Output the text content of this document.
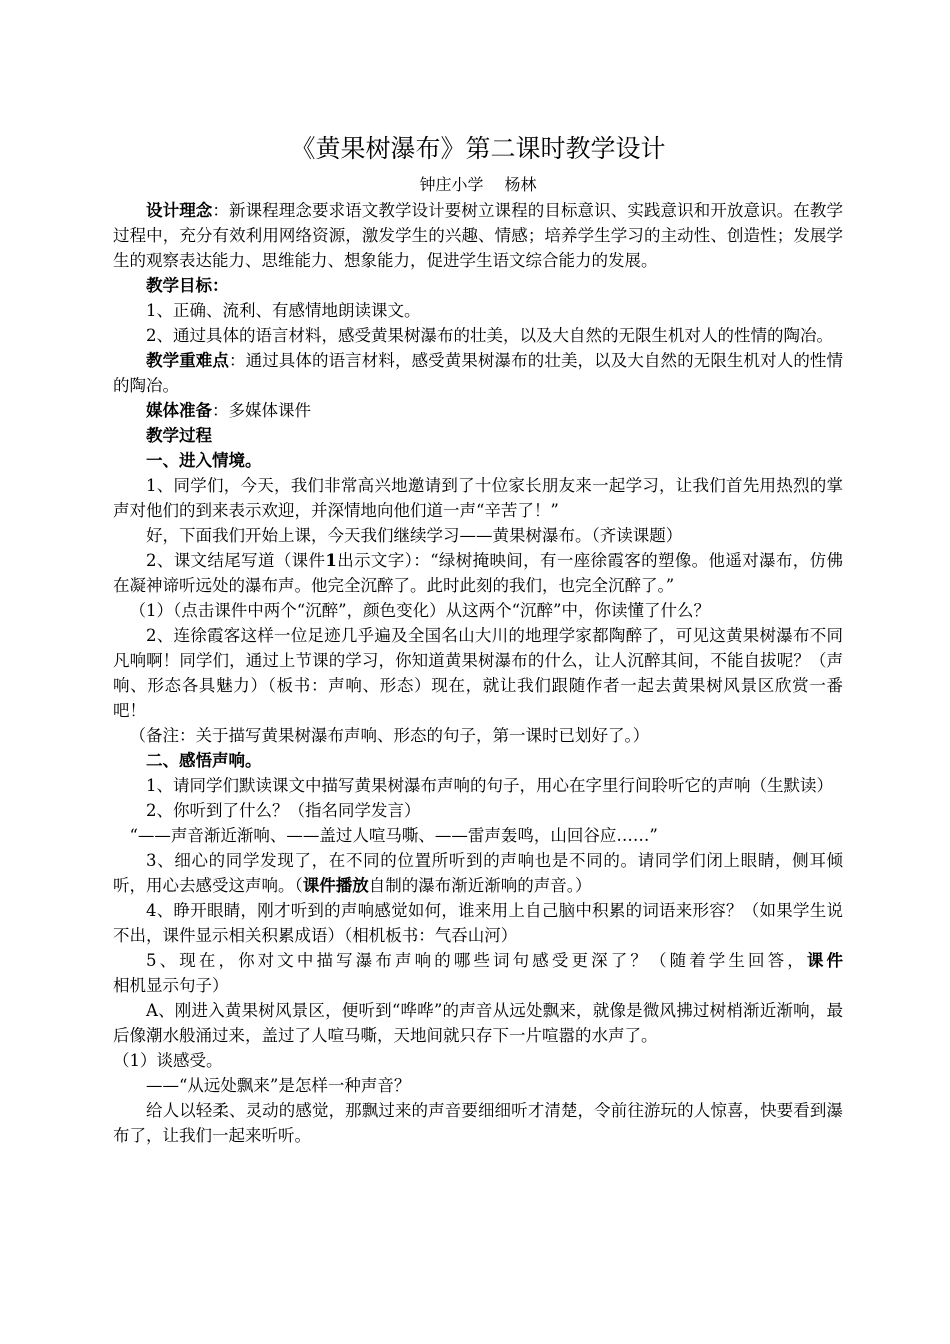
《黄果树瀑布》第二课时教学设计

钟庄小学　 杨林

设计理念：新课程理念要求语文教学设计要树立课程的目标意识、实践意识和开放意识。在教学过程中，充分有效利用网络资源，激发学生的兴趣、情感；培养学生学习的主动性、创造性；发展学生的观察表达能力、思维能力、想象能力，促进学生语文综合能力的发展。

教学目标：

1、正确、流利、有感情地朗读课文。

2、通过具体的语言材料，感受黄果树瀑布的壮美，以及大自然的无限生机对人的性情的陶冶。

教学重难点：通过具体的语言材料，感受黄果树瀑布的壮美，以及大自然的无限生机对人的性情的陶冶。

媒体准备：多媒体课件

教学过程

一、进入情境。

1、同学们，今天，我们非常高兴地邀请到了十位家长朋友来一起学习，让我们首先用热烈的掌声对他们的到来表示欢迎，并深情地向他们道一声“辛苦了！”

好，下面我们开始上课，今天我们继续学习——黄果树瀑布。（齐读课题）

2、课文结尾写道（课件1出示文字）：“绿树掩映间，有一座徐霞客的塑像。他遥对瀑布，仿佛在凝神谛听远处的瀑布声。他完全沉醉了。此时此刻的我们，也完全沉醉了。”

（1）（点击课件中两个“沉醉”，颜色变化）从这两个“沉醉”中，你读懂了什么？

2、连徐霞客这样一位足迹几乎遍及全国名山大川的地理学家都陶醉了，可见这黄果树瀑布不同凡响啊！同学们，通过上节课的学习，你知道黄果树瀑布的什么，让人沉醉其间，不能自拔呢？（声响、形态各具魅力）（板书：声响、形态）现在，就让我们跟随作者一起去黄果树风景区欣赏一番吧！

（备注：关于描写黄果树瀑布声响、形态的句子，第一课时已划好了。）

二、感悟声响。

1、请同学们默读课文中描写黄果树瀑布声响的句子，用心在字里行间聆听它的声响（生默读）

2、你听到了什么？（指名同学发言）

“——声音渐近渐响、——盖过人喧马嘶、——雷声轰鸣，山回谷应……”

3、细心的同学发现了，在不同的位置所听到的声响也是不同的。请同学们闭上眼睛，侧耳倾听，用心去感受这声响。（课件播放自制的瀑布渐近渐响的声音。）

4、睁开眼睛，刚才听到的声响感觉如何，谁来用上自己脑中积累的词语来形容？（如果学生说不出，课件显示相关积累成语）（相机板书：气吞山河）

5、现在，你对文中描写瀑布声响的哪些词句感受更深了？（随着学生回答，课件相机显示句子）

A、刚进入黄果树风景区，便听到“哗哗”的声音从远处飘来，就像是微风拂过树梢渐近渐响，最后像潮水般涌过来，盖过了人喧马嘶，天地间就只存下一片喧嚣的水声了。

（1）谈感受。

——“从远处飘来”是怎样一种声音？

给人以轻柔、灵动的感觉，那飘过来的声音要细细听才清楚，令前往游玩的人惊喜，快要看到瀑布了，让我们一起来听听。
